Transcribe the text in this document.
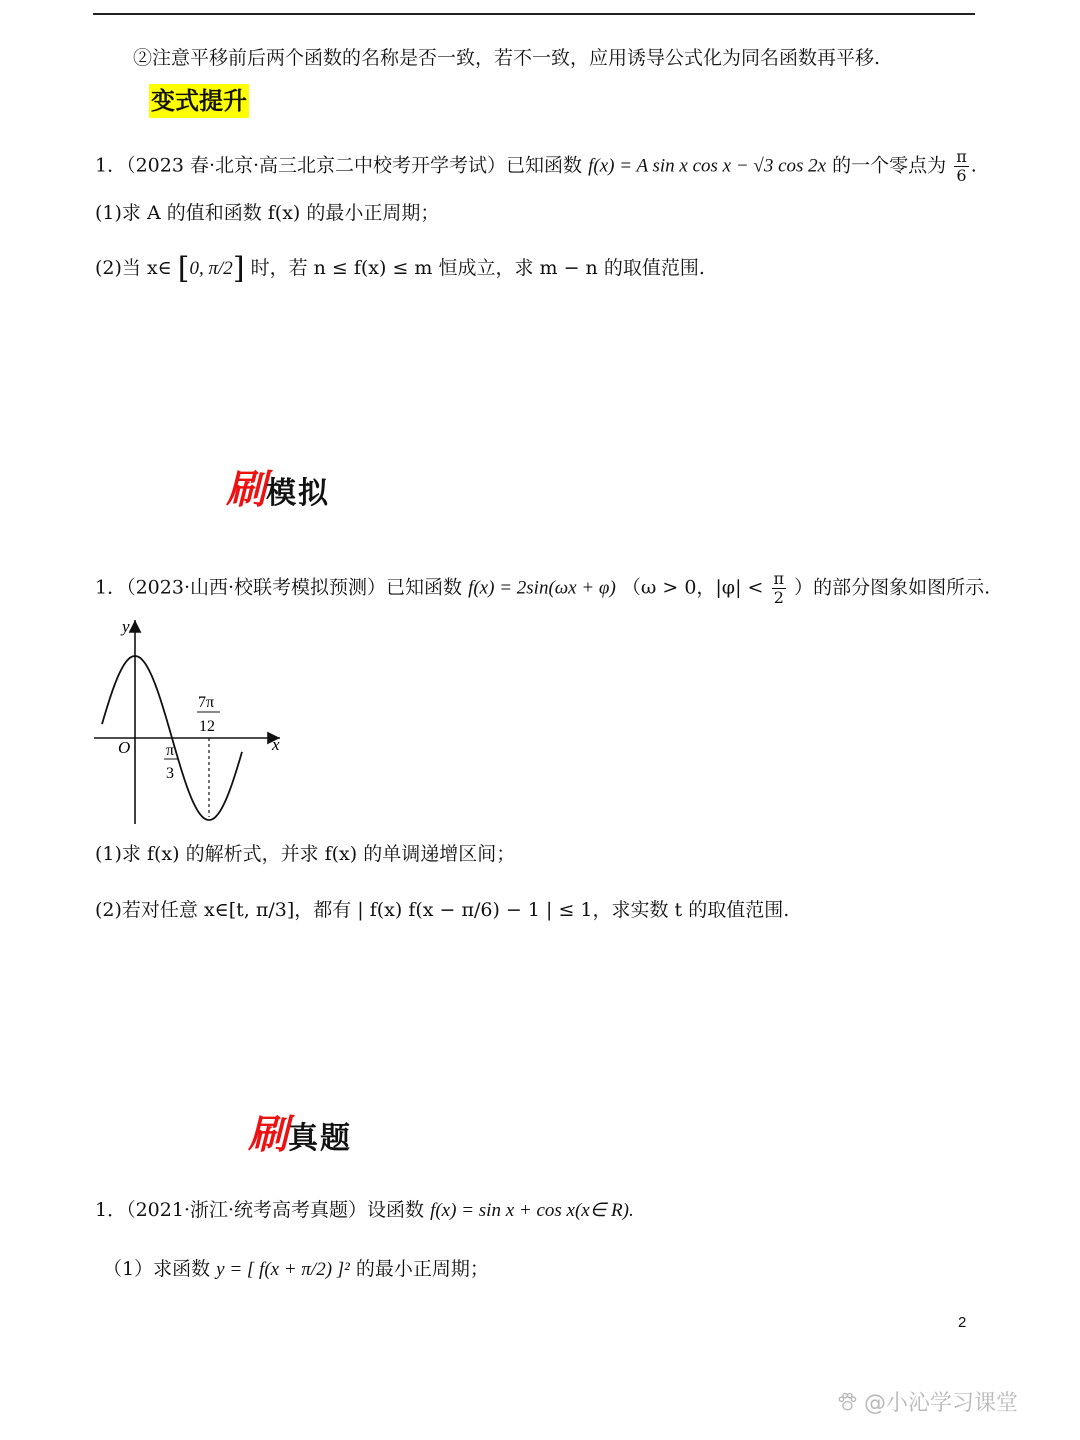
②注意平移前后两个函数的名称是否一致，若不一致，应用诱导公式化为同名函数再平移.
变式提升
1．（2023 春·北京·高三北京二中校考开学考试）已知函数 f(x) = A sin x cos x − √3 cos 2x 的一个零点为 $\frac{\pi}{6}$ .
(1)求 A 的值和函数 f(x) 的最小正周期；
(2)当 x∈ [0, π/2] 时，若 n ≤ f(x) ≤ m 恒成立，求 m − n 的取值范围.
刷模拟
1．（2023·山西·校联考模拟预测）已知函数 f(x) = 2sin(ωx + φ) （ω > 0，$|\varphi| < \frac{\pi}{2}$ ）的部分图象如图所示.
y
x
O π
3
7π
12
(1)求 f(x) 的解析式，并求 f(x) 的单调递增区间；
(2)若对任意 x∈[t, π/3]，都有 | f(x) f(x − π/6) − 1 | ≤ 1，求实数 t 的取值范围.
刷真题
1．（2021·浙江·统考高考真题）设函数 f(x) = sin x + cos x(x∈ R).
（1）求函数 y = [ f(x + π/2) ]² 的最小正周期；
2
@小沁学习课堂
